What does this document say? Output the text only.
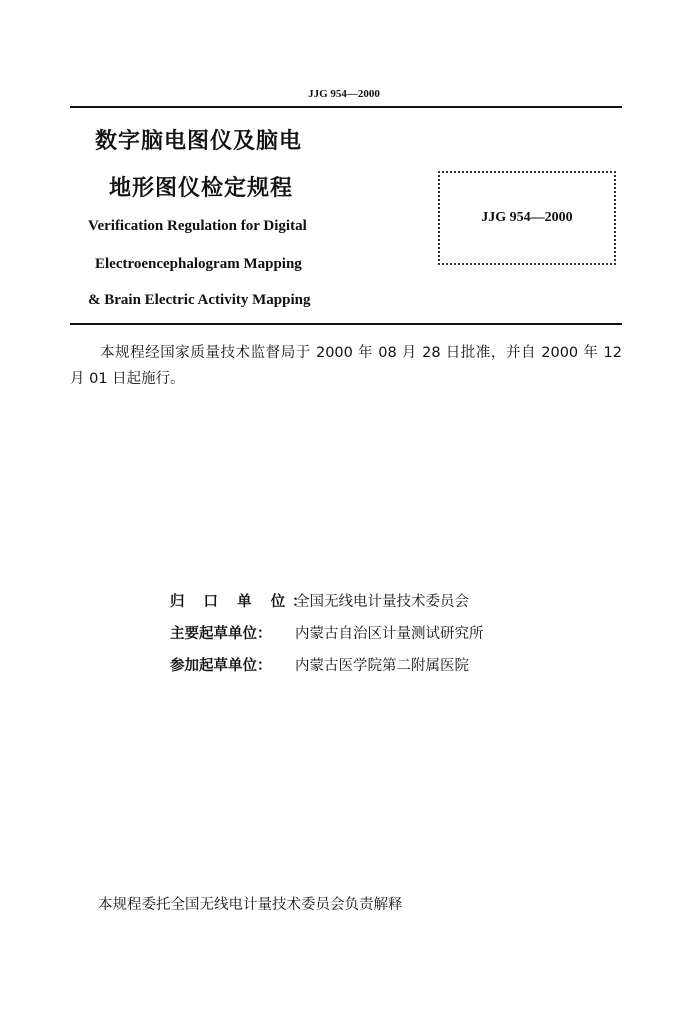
JJG 954—2000
数字脑电图仪及脑电
地形图仪检定规程
Verification Regulation for Digital
Electroencephalogram Mapping
& Brain Electric Activity Mapping
JJG 954—2000
本规程经国家质量技术监督局于 2000 年 08 月 28 日批准，并自 2000 年 12 月 01 日起施行。
归 口 单 位：
全国无线电计量技术委员会
主要起草单位：	内蒙古自治区计量测试研究所
参加起草单位：	内蒙古医学院第二附属医院
本规程委托全国无线电计量技术委员会负责解释
